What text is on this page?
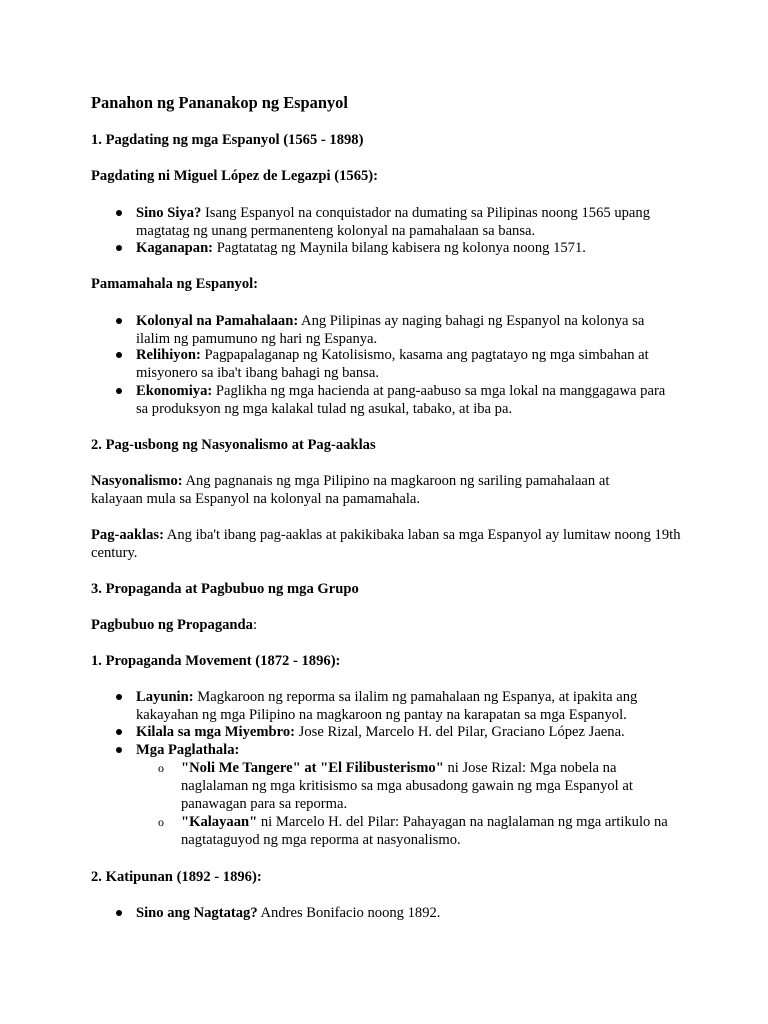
Panahon ng Pananakop ng Espanyol

1. Pagdating ng mga Espanyol (1565 - 1898)

Pagdating ni Miguel López de Legazpi (1565):

Sino Siya? Isang Espanyol na conquistador na dumating sa Pilipinas noong 1565 upang magtatag ng unang permanenteng kolonyal na pamahalaan sa bansa.
Kaganapan: Pagtatatag ng Maynila bilang kabisera ng kolonya noong 1571.

Pamamahala ng Espanyol:

Kolonyal na Pamahalaan: Ang Pilipinas ay naging bahagi ng Espanyol na kolonya sa ilalim ng pamumuno ng hari ng Espanya.
Relihiyon: Pagpapalaganap ng Katolisismo, kasama ang pagtatayo ng mga simbahan at misyonero sa iba't ibang bahagi ng bansa.
Ekonomiya: Paglikha ng mga hacienda at pang-aabuso sa mga lokal na manggagawa para sa produksyon ng mga kalakal tulad ng asukal, tabako, at iba pa.

2. Pag-usbong ng Nasyonalismo at Pag-aaklas

Nasyonalismo: Ang pagnanais ng mga Pilipino na magkaroon ng sariling pamahalaan at kalayaan mula sa Espanyol na kolonyal na pamamahala.

Pag-aaklas: Ang iba't ibang pag-aaklas at pakikibaka laban sa mga Espanyol ay lumitaw noong 19th century.

3. Propaganda at Pagbubuo ng mga Grupo

Pagbubuo ng Propaganda:

1. Propaganda Movement (1872 - 1896):

Layunin: Magkaroon ng reporma sa ilalim ng pamahalaan ng Espanya, at ipakita ang kakayahan ng mga Pilipino na magkaroon ng pantay na karapatan sa mga Espanyol.
Kilala sa mga Miyembro: Jose Rizal, Marcelo H. del Pilar, Graciano López Jaena.
Mga Paglathala:
o "Noli Me Tangere" at "El Filibusterismo" ni Jose Rizal: Mga nobela na naglalaman ng mga kritisismo sa mga abusadong gawain ng mga Espanyol at panawagan para sa reporma.
o "Kalayaan" ni Marcelo H. del Pilar: Pahayagan na naglalaman ng mga artikulo na nagtataguyod ng mga reporma at nasyonalismo.

2. Katipunan (1892 - 1896):

Sino ang Nagtatag? Andres Bonifacio noong 1892.
